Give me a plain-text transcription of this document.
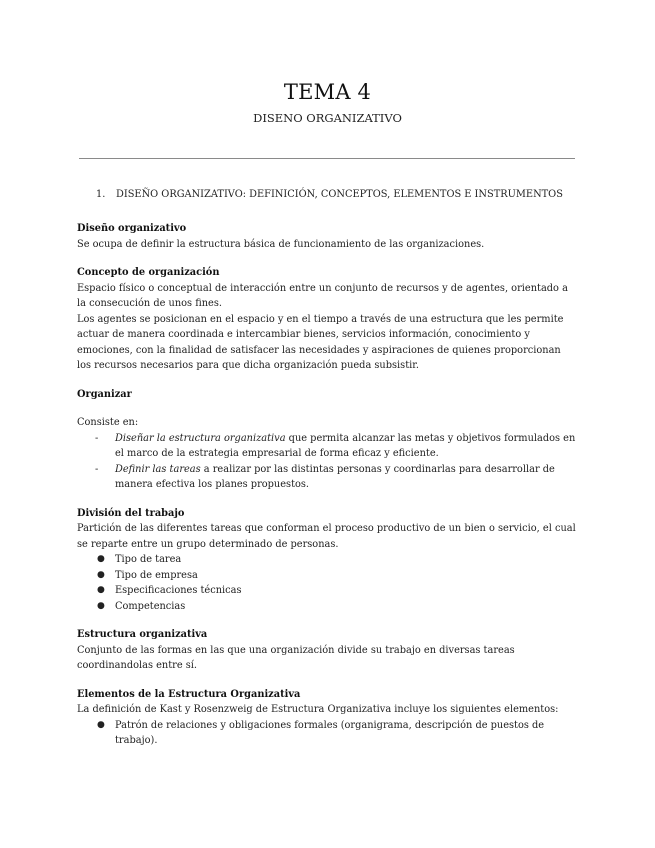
TEMA 4
DISENO ORGANIZATIVO
1. DISEÑO ORGANIZATIVO: DEFINICIÓN, CONCEPTOS, ELEMENTOS E INSTRUMENTOS

Diseño organizativo

Se ocupa de definir la estructura básica de funcionamiento de las organizaciones.

Concepto de organización

Espacio físico o conceptual de interacción entre un conjunto de recursos y de agentes, orientado a la consecución de unos fines.

Los agentes se posicionan en el espacio y en el tiempo a través de una estructura que les permite actuar de manera coordinada e intercambiar bienes, servicios información, conocimiento y emociones, con la finalidad de satisfacer las necesidades y aspiraciones de quienes proporcionan los recursos necesarios para que dicha organización pueda subsistir.

Organizar

Consiste en:

- Diseñar la estructura organizativa que permita alcanzar las metas y objetivos formulados en el marco de la estrategia empresarial de forma eficaz y eficiente.
- Definir las tareas a realizar por las distintas personas y coordinarlas para desarrollar de manera efectiva los planes propuestos.

División del trabajo

Partición de las diferentes tareas que conforman el proceso productivo de un bien o servicio, el cual se reparte entre un grupo determinado de personas.

● Tipo de tarea
● Tipo de empresa
● Especificaciones técnicas
● Competencias

Estructura organizativa

Conjunto de las formas en las que una organización divide su trabajo en diversas tareas coordinandolas entre sí.

Elementos de la Estructura Organizativa

La definición de Kast y Rosenzweig de Estructura Organizativa incluye los siguientes elementos:

● Patrón de relaciones y obligaciones formales (organigrama, descripción de puestos de trabajo).
